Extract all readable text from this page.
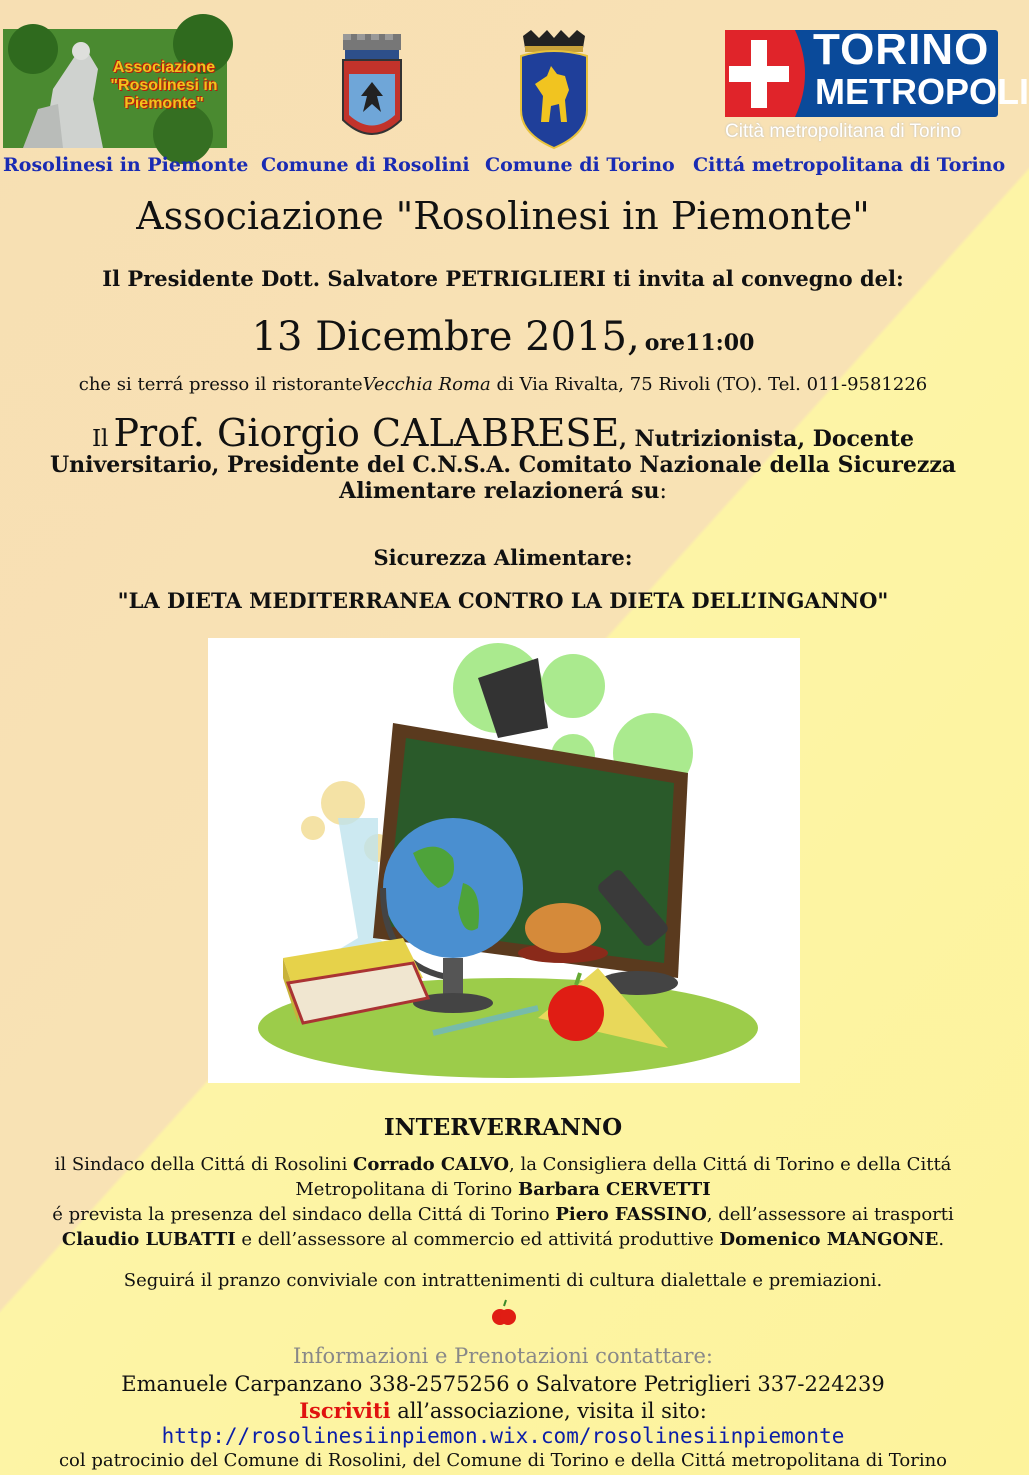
Associazione "Rosolinesi in Piemonte"
TORINO
METROPOLI
Città metropolitana di Torino
Rosolinesi in Piemonte Comune di Rosolini Comune di Torino Cittá metropolitana di Torino
Associazione "Rosolinesi in Piemonte"
Il Presidente Dott. Salvatore PETRIGLIERI ti invita al convegno del:
13 Dicembre 2015, ore11:00
che si terrá presso il ristoranteVecchia Roma di Via Rivalta, 75 Rivoli (TO). Tel. 011-9581226

Il Prof. Giorgio CALABRESE, Nutrizionista, Docente

Universitario, Presidente del C.N.S.A. Comitato Nazionale della Sicurezza

Alimentare relazionerá su:

Sicurezza Alimentare:
"LA DIETA MEDITERRANEA CONTRO LA DIETA DELL’INGANNO"
INTERVERRANNO

il Sindaco della Cittá di Rosolini Corrado CALVO, la Consigliera della Cittá di Torino e della Cittá

Metropolitana di Torino Barbara CERVETTI

é prevista la presenza del sindaco della Cittá di Torino Piero FASSINO, dell’assessore ai trasporti

Claudio LUBATTI e dell’assessore al commercio ed attivitá produttive Domenico MANGONE.

Seguirá il pranzo conviviale con intrattenimenti di cultura dialettale e premiazioni.
Informazioni e Prenotazioni contattare:
Emanuele Carpanzano 338-2575256 o Salvatore Petriglieri 337-224239
Iscriviti all’associazione, visita il sito:
http://rosolinesiinpiemon.wix.com/rosolinesiinpiemonte
col patrocinio del Comune di Rosolini, del Comune di Torino e della Cittá metropolitana di Torino
